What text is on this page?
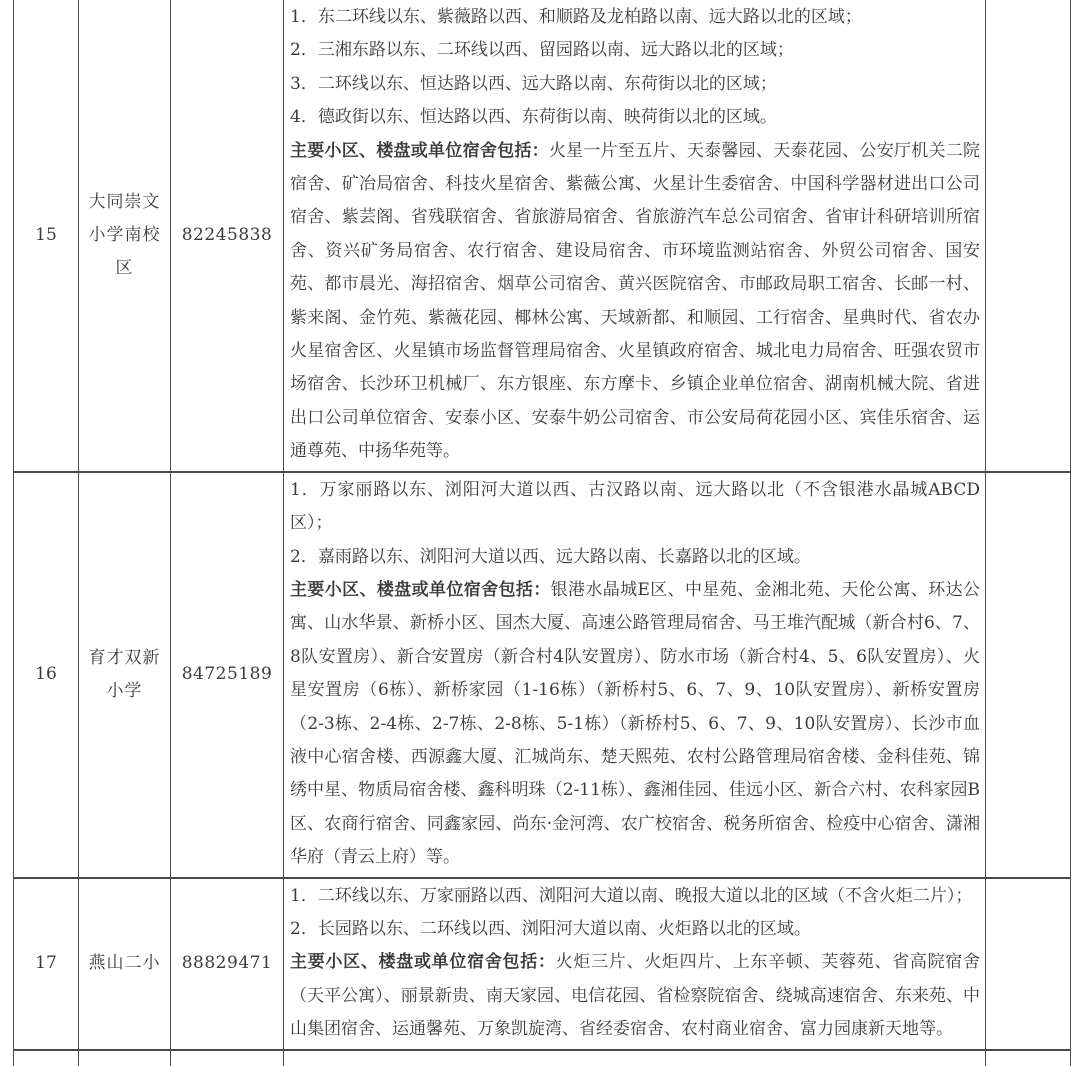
15	大同崇文小学南校区	82245838	1．东二环线以东、紫薇路以西、和顺路及龙柏路以南、远大路以北的区域；

2．三湘东路以东、二环线以西、留园路以南、远大路以北的区域；

3．二环线以东、恒达路以西、远大路以南、东荷街以北的区域；

4．德政街以东、恒达路以西、东荷街以南、映荷街以北的区域。

主要小区、楼盘或单位宿舍包括：火星一片至五片、天泰馨园、天泰花园、公安厅机关二院宿舍、矿冶局宿舍、科技火星宿舍、紫薇公寓、火星计生委宿舍、中国科学器材进出口公司宿舍、紫芸阁、省残联宿舍、省旅游局宿舍、省旅游汽车总公司宿舍、省审计科研培训所宿舍、资兴矿务局宿舍、农行宿舍、建设局宿舍、市环境监测站宿舍、外贸公司宿舍、国安苑、都市晨光、海招宿舍、烟草公司宿舍、黄兴医院宿舍、市邮政局职工宿舍、长邮一村、紫来阁、金竹苑、紫薇花园、椰林公寓、天域新都、和顺园、工行宿舍、星典时代、省农办火星宿舍区、火星镇市场监督管理局宿舍、火星镇政府宿舍、城北电力局宿舍、旺强农贸市场宿舍、长沙环卫机械厂、东方银座、东方摩卡、乡镇企业单位宿舍、湖南机械大院、省进出口公司单位宿舍、安泰小区、安泰牛奶公司宿舍、市公安局荷花园小区、宾佳乐宿舍、运通尊苑、中扬华苑等。	

16	育才双新小学	84725189	1．万家丽路以东、浏阳河大道以西、古汉路以南、远大路以北（不含银港水晶城ABCD区）；

2．嘉雨路以东、浏阳河大道以西、远大路以南、长嘉路以北的区域。

主要小区、楼盘或单位宿舍包括：银港水晶城E区、中星苑、金湘北苑、天伦公寓、环达公寓、山水华景、新桥小区、国杰大厦、高速公路管理局宿舍、马王堆汽配城（新合村6、7、8队安置房）、新合安置房（新合村4队安置房）、防水市场（新合村4、5、6队安置房）、火星安置房（6栋）、新桥家园（1-16栋）（新桥村5、6、7、9、10队安置房）、新桥安置房（2-3栋、2-4栋、2-7栋、2-8栋、5-1栋）（新桥村5、6、7、9、10队安置房）、长沙市血液中心宿舍楼、西源鑫大厦、汇城尚东、楚天熙苑、农村公路管理局宿舍楼、金科佳苑、锦绣中星、物质局宿舍楼、鑫科明珠（2-11栋）、鑫湘佳园、佳远小区、新合六村、农科家园B区、农商行宿舍、同鑫家园、尚东·金河湾、农广校宿舍、税务所宿舍、检疫中心宿舍、潇湘华府（青云上府）等。	

17	燕山二小	88829471	1．二环线以东、万家丽路以西、浏阳河大道以南、晚报大道以北的区域（不含火炬二片）；

2．长园路以东、二环线以西、浏阳河大道以南、火炬路以北的区域。

主要小区、楼盘或单位宿舍包括：火炬三片、火炬四片、上东辛顿、芙蓉苑、省高院宿舍（天平公寓）、丽景新贵、南天家园、电信花园、省检察院宿舍、绕城高速宿舍、东来苑、中山集团宿舍、运通馨苑、万象凯旋湾、省经委宿舍、农村商业宿舍、富力园康新天地等。	
